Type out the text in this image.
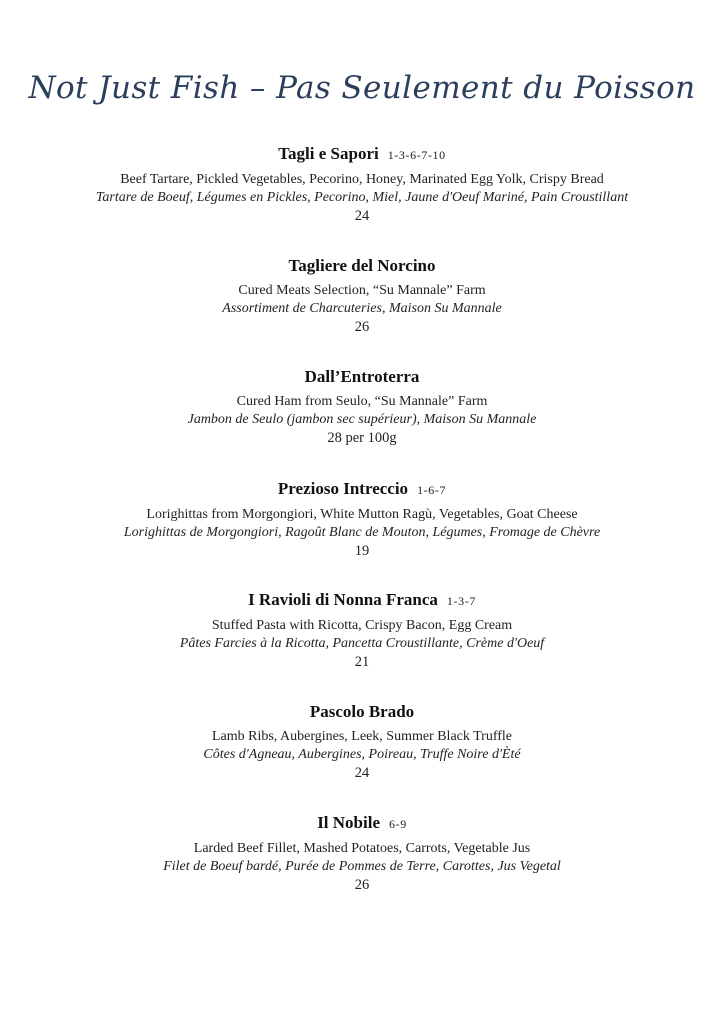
Not Just Fish – Pas Seulement du Poisson
Tagli e Sapori 1-3-6-7-10
Beef Tartare, Pickled Vegetables, Pecorino, Honey, Marinated Egg Yolk, Crispy Bread
Tartare de Boeuf, Légumes en Pickles, Pecorino, Miel, Jaune d'Oeuf Mariné, Pain Croustillant
24
Tagliere del Norcino
Cured Meats Selection, “Su Mannale” Farm
Assortiment de Charcuteries, Maison Su Mannale
26
Dall’Entroterra
Cured Ham from Seulo, “Su Mannale” Farm
Jambon de Seulo (jambon sec supérieur), Maison Su Mannale
28 per 100g
Prezioso Intreccio 1-6-7
Lorighittas from Morgongiori, White Mutton Ragù, Vegetables, Goat Cheese
Lorighittas de Morgongiori, Ragoût Blanc de Mouton, Légumes, Fromage de Chèvre
19
I Ravioli di Nonna Franca 1-3-7
Stuffed Pasta with Ricotta, Crispy Bacon, Egg Cream
Pâtes Farcies à la Ricotta, Pancetta Croustillante, Crème d'Oeuf
21
Pascolo Brado
Lamb Ribs, Aubergines, Leek, Summer Black Truffle
Côtes d'Agneau, Aubergines, Poireau, Truffe Noire d'Èté
24
Il Nobile 6-9
Larded Beef Fillet, Mashed Potatoes, Carrots, Vegetable Jus
Filet de Boeuf bardé, Purée de Pommes de Terre, Carottes, Jus Vegetal
26
